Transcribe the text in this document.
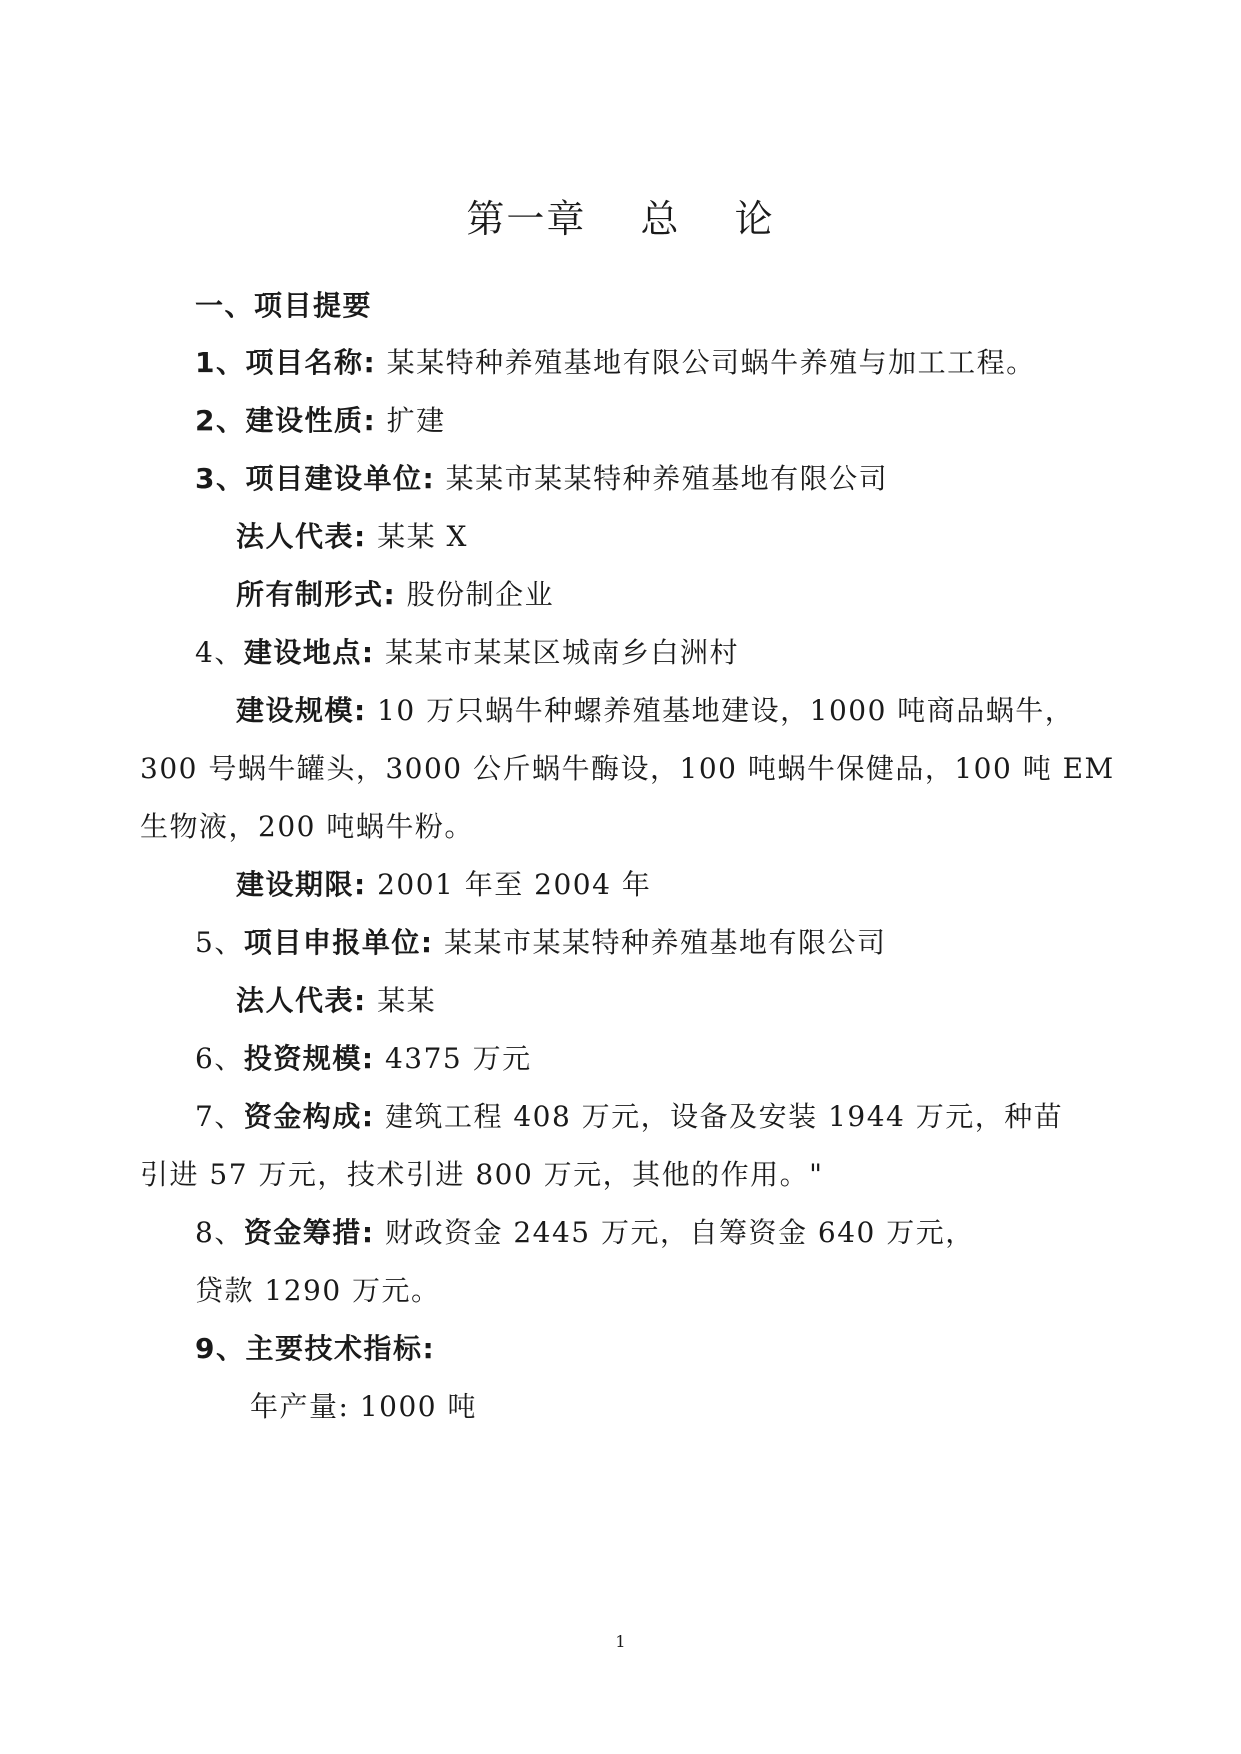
第一章　 总　 论
一、项目提要
1、项目名称: 某某特种养殖基地有限公司蜗牛养殖与加工工程。
2、建设性质: 扩建
3、项目建设单位: 某某市某某特种养殖基地有限公司
法人代表: 某某 X
所有制形式: 股份制企业
4、建设地点: 某某市某某区城南乡白洲村
建设规模: 10 万只蜗牛种螺养殖基地建设，1000 吨商品蜗牛，
300 号蜗牛罐头，3000 公斤蜗牛酶设，100 吨蜗牛保健品，100 吨 EM
生物液，200 吨蜗牛粉。
建设期限: 2001 年至 2004 年
5、项目申报单位: 某某市某某特种养殖基地有限公司
法人代表: 某某
6、投资规模: 4375 万元
7、资金构成: 建筑工程 408 万元，设备及安装 1944 万元，种苗
引进 57 万元，技术引进 800 万元，其他的作用。"
8、资金筹措: 财政资金 2445 万元，自筹资金 640 万元，
贷款 1290 万元。
9、主要技术指标:
年产量: 1000 吨
1
